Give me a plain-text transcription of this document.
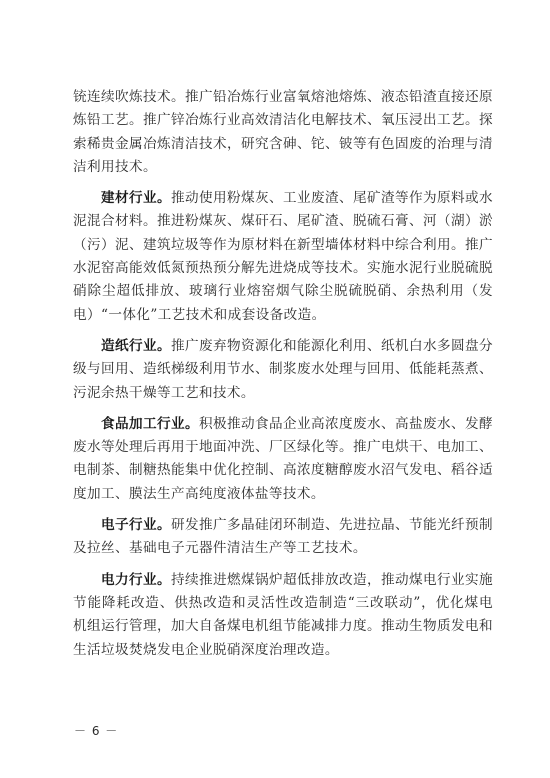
铳连续吹炼技术。推广铅冶炼行业富氧熔池熔炼、液态铅渣直接还原炼铅工艺。推广锌冶炼行业高效清洁化电解技术、氧压浸出工艺。探索稀贵金属冶炼清洁技术，研究含砷、铊、铍等有色固废的治理与清洁利用技术。

建材行业。推动使用粉煤灰、工业废渣、尾矿渣等作为原料或水泥混合材料。推进粉煤灰、煤矸石、尾矿渣、脱硫石膏、河（湖）淤（污）泥、建筑垃圾等作为原材料在新型墙体材料中综合利用。推广水泥窑高能效低氮预热预分解先进烧成等技术。实施水泥行业脱硫脱硝除尘超低排放、玻璃行业熔窑烟气除尘脱硫脱硝、余热利用（发电）“一体化”工艺技术和成套设备改造。

造纸行业。推广废弃物资源化和能源化利用、纸机白水多圆盘分级与回用、造纸梯级利用节水、制浆废水处理与回用、低能耗蒸煮、污泥余热干燥等工艺和技术。

食品加工行业。积极推动食品企业高浓度废水、高盐废水、发酵废水等处理后再用于地面冲洗、厂区绿化等。推广电烘干、电加工、电制茶、制糖热能集中优化控制、高浓度糖醇废水沼气发电、稻谷适度加工、膜法生产高纯度液体盐等技术。

电子行业。研发推广多晶硅闭环制造、先进拉晶、节能光纤预制及拉丝、基础电子元器件清洁生产等工艺技术。

电力行业。持续推进燃煤锅炉超低排放改造，推动煤电行业实施节能降耗改造、供热改造和灵活性改造制造“三改联动”，优化煤电机组运行管理，加大自备煤电机组节能减排力度。推动生物质发电和生活垃圾焚烧发电企业脱硝深度治理改造。

－ 6 －
